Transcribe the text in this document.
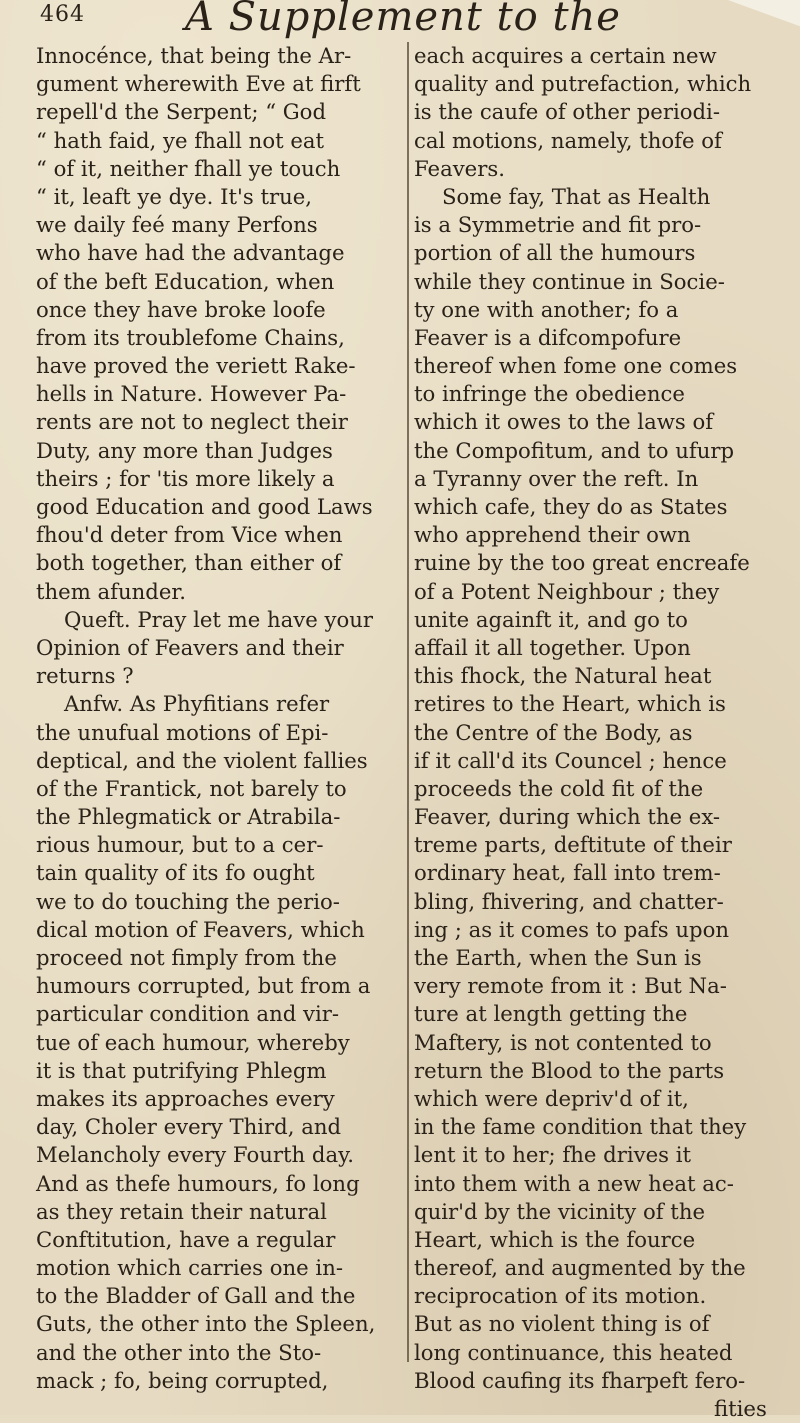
464	A Supplement to the
Innocénce, that being the Ar-
gument wherewith Eve at firft
repell'd the Serpent; “ God
“ hath faid, ye fhall not eat
“ of it, neither fhall ye touch
“ it, leaft ye dye. It's true,
we daily feé many Perfons
who have had the advantage
of the beft Education, when
once they have broke loofe
from its troublefome Chains,
have proved the veriett Rake-
hells in Nature. However Pa-
rents are not to neglect their
Duty, any more than Judges
theirs ; for 'tis more likely a
good Education and good Laws
fhou'd deter from Vice when
both together, than either of
them afunder.
Queft. Pray let me have your
Opinion of Feavers and their
returns ?
Anfw. As Phyfitians refer
the unufual motions of Epi-
deptical, and the violent fallies
of the Frantick, not barely to
the Phlegmatick or Atrabila-
rious humour, but to a cer-
tain quality of its fo ought
we to do touching the perio-
dical motion of Feavers, which
proceed not fimply from the
humours corrupted, but from a
particular condition and vir-
tue of each humour, whereby
it is that putrifying Phlegm
makes its approaches every
day, Choler every Third, and
Melancholy every Fourth day.
And as thefe humours, fo long
as they retain their natural
Conftitution, have a regular
motion which carries one in-
to the Bladder of Gall and the
Guts, the other into the Spleen,
and the other into the Sto-
mack ; fo, being corrupted,
each acquires a certain new
quality and putrefaction, which
is the caufe of other periodi-
cal motions, namely, thofe of
Feavers.
Some fay, That as Health
is a Symmetrie and fit pro-
portion of all the humours
while they continue in Socie-
ty one with another; fo a
Feaver is a difcompofure
thereof when fome one comes
to infringe the obedience
which it owes to the laws of
the Compofitum, and to ufurp
a Tyranny over the reft. In
which cafe, they do as States
who apprehend their own
ruine by the too great encreafe
of a Potent Neighbour ; they
unite againft it, and go to
affail it all together. Upon
this fhock, the Natural heat
retires to the Heart, which is
the Centre of the Body, as
if it call'd its Councel ; hence
proceeds the cold fit of the
Feaver, during which the ex-
treme parts, deftitute of their
ordinary heat, fall into trem-
bling, fhivering, and chatter-
ing ; as it comes to pafs upon
the Earth, when the Sun is
very remote from it : But Na-
ture at length getting the
Maftery, is not contented to
return the Blood to the parts
which were depriv'd of it,
in the fame condition that they
lent it to her; fhe drives it
into them with a new heat ac-
quir'd by the vicinity of the
Heart, which is the fource
thereof, and augmented by the
reciprocation of its motion.
But as no violent thing is of
long continuance, this heated
Blood caufing its fharpeft fero-
fities
